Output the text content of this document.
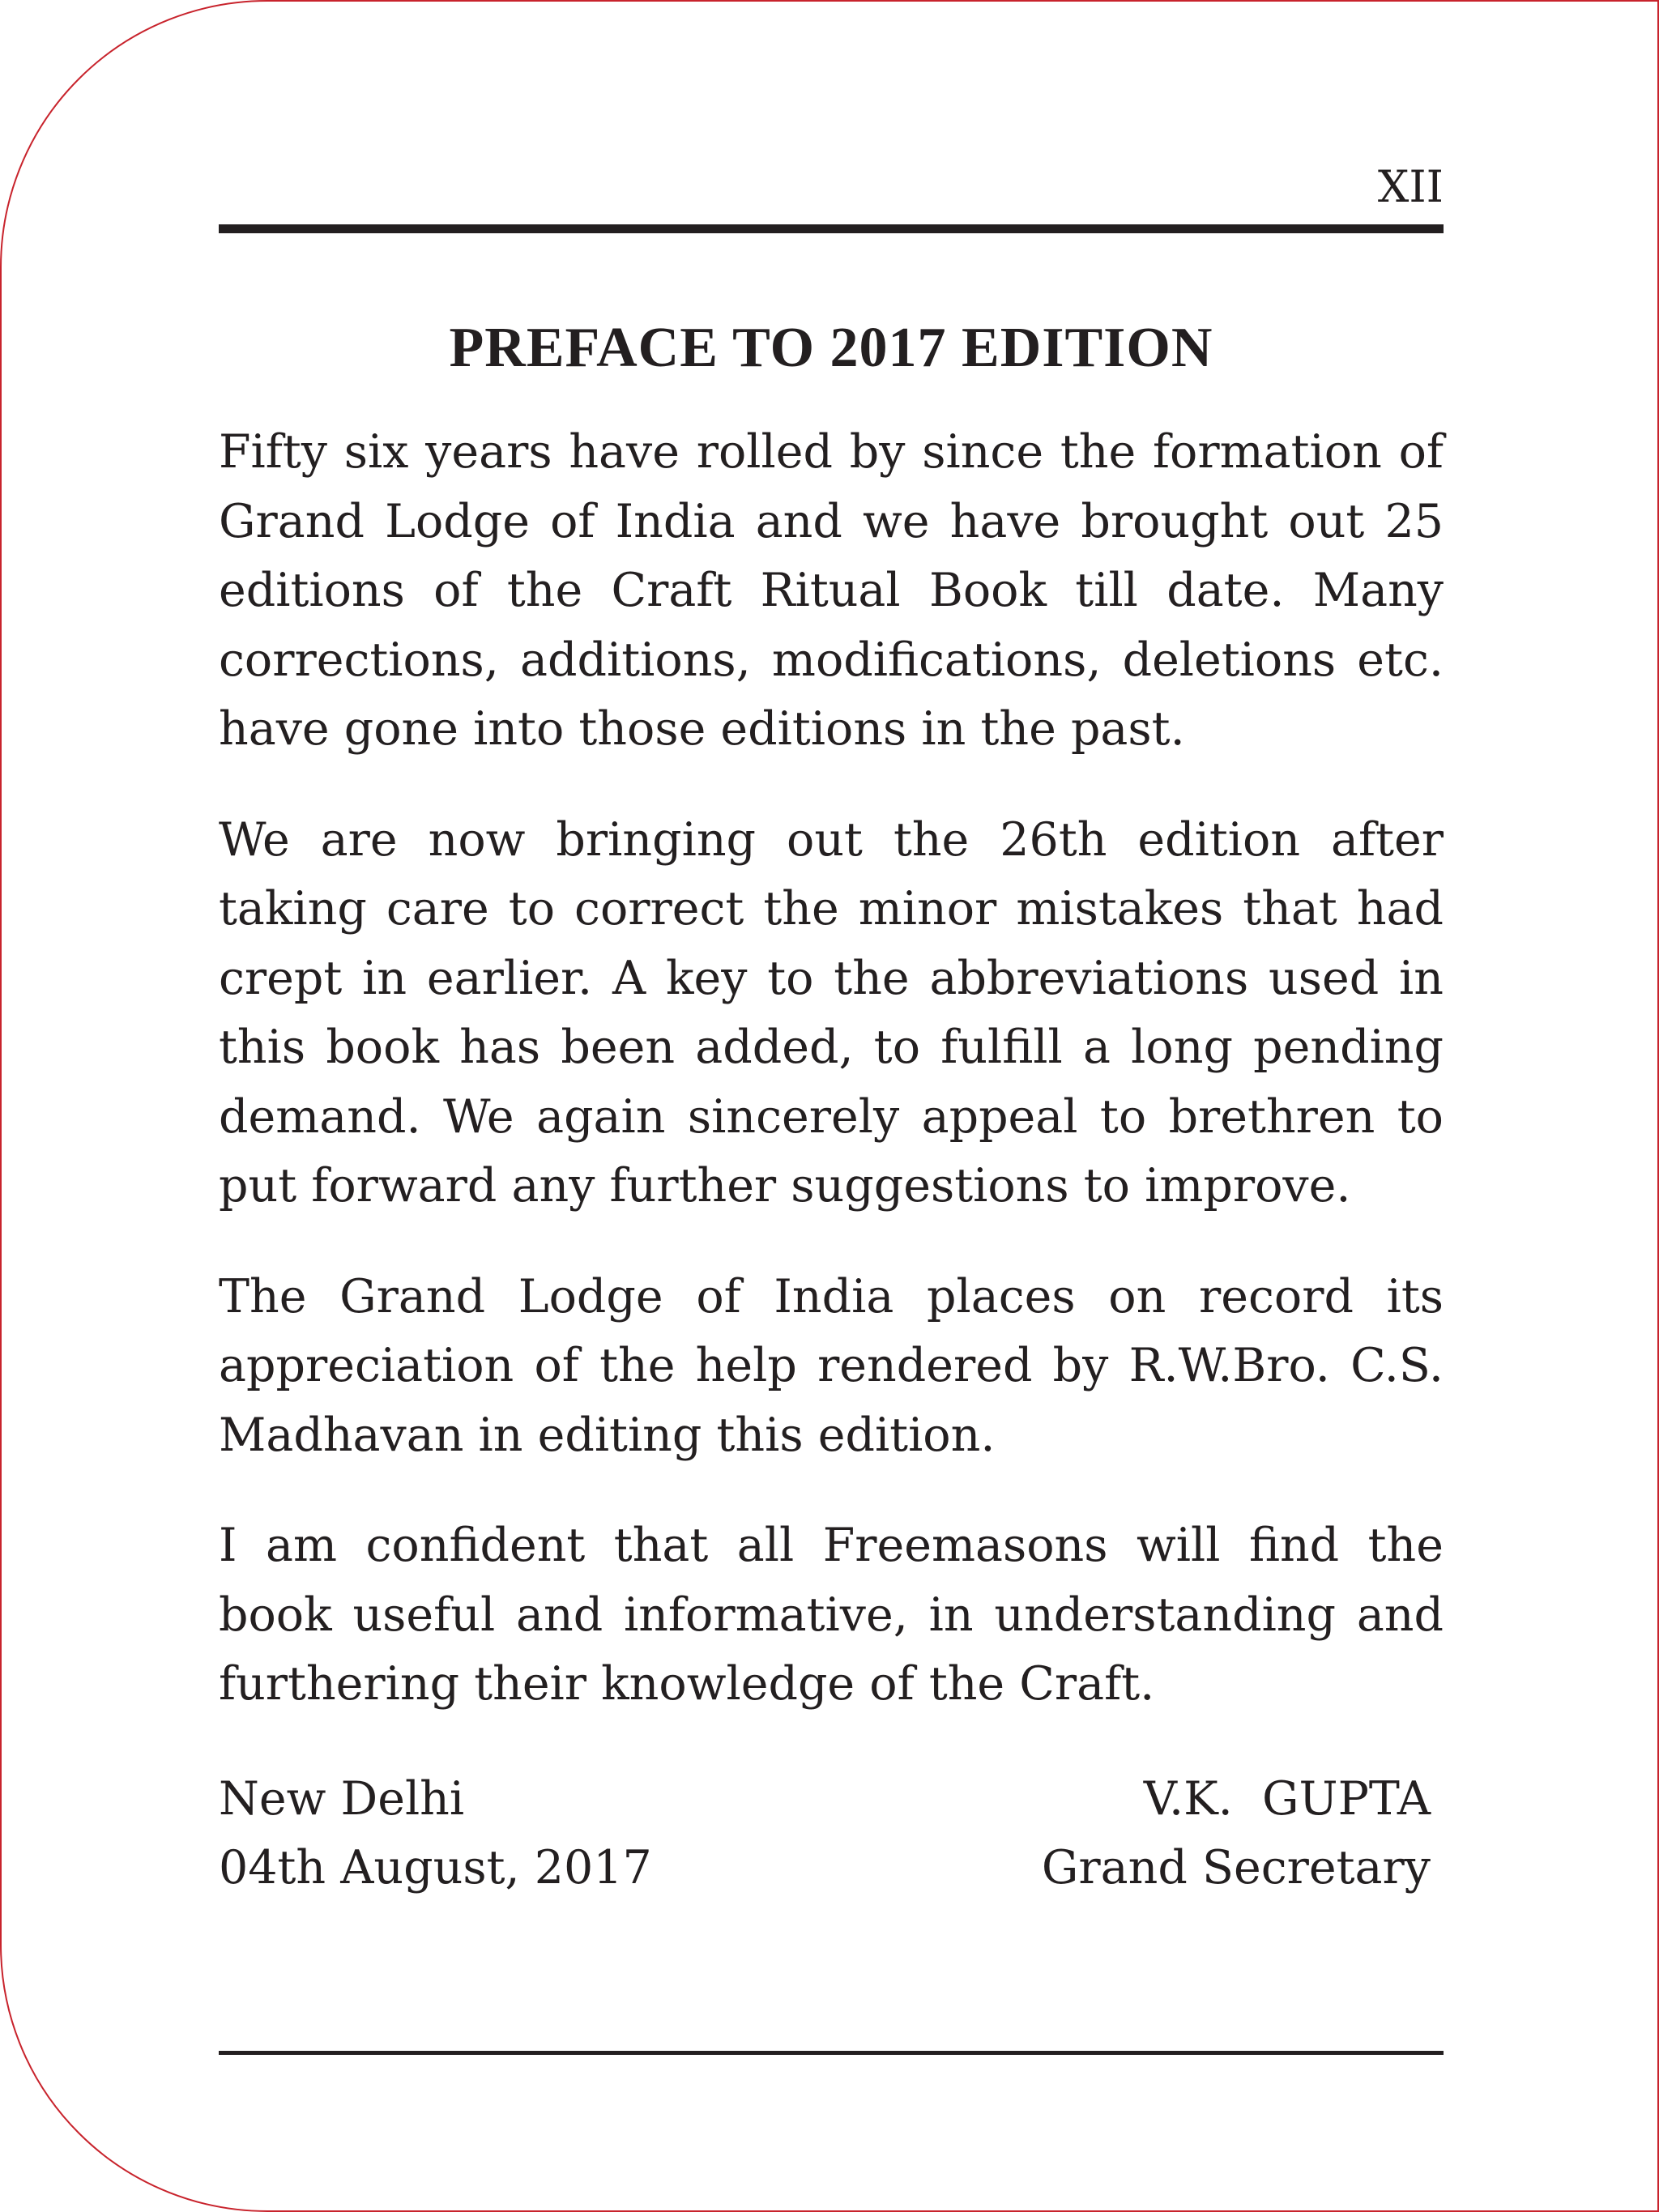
XII
PREFACE TO 2017 EDITION

Fifty six years have rolled by since the formation of Grand Lodge of India and we have brought out 25 editions of the Craft Ritual Book till date. Many corrections, additions, modifications, deletions etc. have gone into those editions in the past.

We are now bringing out the 26th edition after taking care to correct the minor mistakes that had crept in earlier. A key to the abbreviations used in this book has been added, to fulfill a long pending demand. We again sincerely appeal to brethren to put forward any further suggestions to improve.

The Grand Lodge of India places on record its appreciation of the help rendered by R.W.Bro. C.S. Madhavan in editing this edition.

I am confident that all Freemasons will find the book useful and informative, in understanding and furthering their knowledge of the Craft.

New Delhi
04th August, 2017
V.K.  GUPTA
Grand Secretary
